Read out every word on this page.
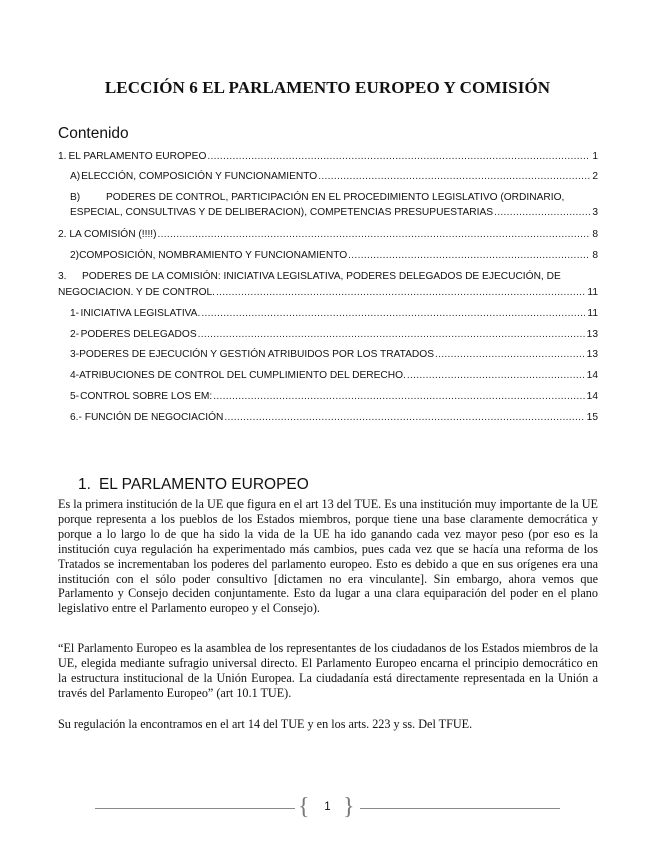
LECCIÓN 6 EL PARLAMENTO EUROPEO Y COMISIÓN
Contenido
1. EL PARLAMENTO EUROPEO .....	1
A) ELECCIÓN, COMPOSICIÓN Y FUNCIONAMIENTO .....	2
B)	PODERES DE CONTROL, PARTICIPACIÓN EN EL PROCEDIMIENTO LEGISLATIVO (ORDINARIO,
ESPECIAL, CONSULTIVAS Y DE DELIBERACION), COMPETENCIAS PRESUPUESTARIAS .....	3
2. LA COMISIÓN (!!!!) .....	8
2) COMPOSICIÓN, NOMBRAMIENTO Y FUNCIONAMIENTO .....	8
3. PODERES DE LA COMISIÓN: INICIATIVA LEGISLATIVA, PODERES DELEGADOS DE EJECUCIÓN, DE
NEGOCIACION. Y DE CONTROL. .....	11
1- INICIATIVA LEGISLATIVA. .....	11
2- PODERES DELEGADOS .....	13
3- PODERES DE EJECUCIÓN Y GESTIÓN ATRIBUIDOS POR LOS TRATADOS .....	13
4- ATRIBUCIONES DE CONTROL DEL CUMPLIMIENTO DEL DERECHO. .....	14
5- CONTROL SOBRE LOS EM: .....	14
6.- FUNCIÓN DE NEGOCIACIÓN .....	15
1. EL PARLAMENTO EUROPEO

Es la primera institución de la UE que figura en el art 13 del TUE. Es una institución muy importante de la UE porque representa a los pueblos de los Estados miembros, porque tiene una base claramente democrática y porque a lo largo lo de que ha sido la vida de la UE ha ido ganando cada vez mayor peso (por eso es la institución cuya regulación ha experimentado más cambios, pues cada vez que se hacía una reforma de los Tratados se incrementaban los poderes del parlamento europeo. Esto es debido a que en sus orígenes era una institución con el sólo poder consultivo [dictamen no era vinculante]. Sin embargo, ahora vemos que Parlamento y Consejo deciden conjuntamente. Esto da lugar a una clara equiparación del poder en el plano legislativo entre el Parlamento europeo y el Consejo).

“El Parlamento Europeo es la asamblea de los representantes de los ciudadanos de los Estados miembros de la UE, elegida mediante sufragio universal directo. El Parlamento Europeo encarna el principio democrático en la estructura institucional de la Unión Europea. La ciudadanía está directamente representada en la Unión a través del Parlamento Europeo” (art 10.1 TUE).

Su regulación la encontramos en el art 14 del TUE y en los arts. 223 y ss. Del TFUE.

{	1 }
